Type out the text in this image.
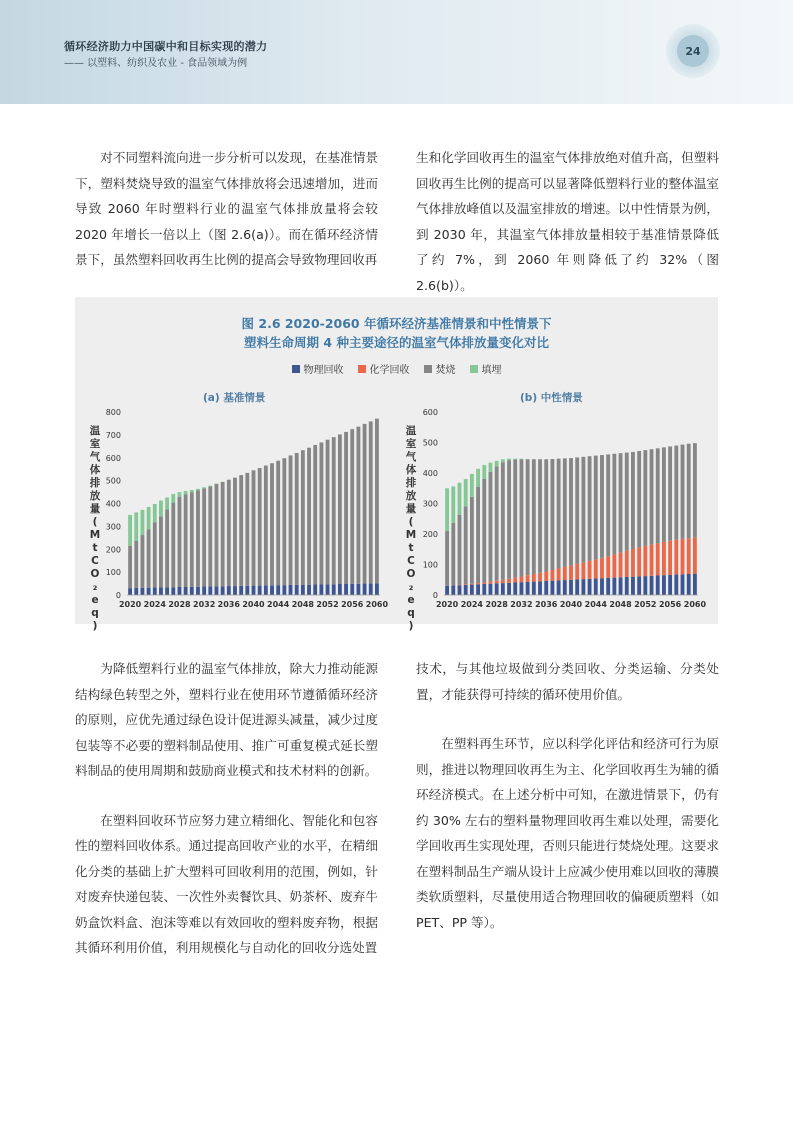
循环经济助力中国碳中和目标实现的潜力
—— 以塑料、纺织及农业 - 食品领域为例
24

对不同塑料流向进一步分析可以发现，在基准情景下，塑料焚烧导致的温室气体排放将会迅速增加，进而导致 2060 年时塑料行业的温室气体排放量将会较 2020 年增长一倍以上（图 2.6(a)）。而在循环经济情景下，虽然塑料回收再生比例的提高会导致物理回收再

生和化学回收再生的温室气体排放绝对值升高，但塑料回收再生比例的提高可以显著降低塑料行业的整体温室气体排放峰值以及温室排放的增速。以中性情景为例，到 2030 年，其温室气体排放量相较于基准情景降低了约 7%，到 2060 年则降低了约 32%（图 2.6(b)）。

图 2.6 2020-2060 年循环经济基准情景和中性情景下
塑料生命周期 4 种主要途径的温室气体排放量变化对比
物理回收	化学回收	焚烧	填埋
(a) 基准情景	(b) 中性情景
温
室
气
体
排
放
量
(
M
t
C
O
₂
e
q
)
温
室
气
体
排
放
量
(
M
t
C
O
₂
e
q
)
0
100
200
300
400
500
600
700
800
2020 2024 2028 2032 2036 2040 2044 2048 2052 2056 2060
0
100
200
300
400
500
600
2020 2024 2028 2032 2036 2040 2044 2048 2052 2056 2060

为降低塑料行业的温室气体排放，除大力推动能源结构绿色转型之外，塑料行业在使用环节遵循循环经济的原则，应优先通过绿色设计促进源头减量，减少过度包装等不必要的塑料制品使用、推广可重复模式延长塑料制品的使用周期和鼓励商业模式和技术材料的创新。

在塑料回收环节应努力建立精细化、智能化和包容性的塑料回收体系。通过提高回收产业的水平，在精细化分类的基础上扩大塑料可回收利用的范围，例如，针对废弃快递包装、一次性外卖餐饮具、奶茶杯、废弃牛奶盒饮料盒、泡沫等难以有效回收的塑料废弃物，根据其循环利用价值，利用规模化与自动化的回收分选处置

技术，与其他垃圾做到分类回收、分类运输、分类处置，才能获得可持续的循环使用价值。

在塑料再生环节，应以科学化评估和经济可行为原则，推进以物理回收再生为主、化学回收再生为辅的循环经济模式。在上述分析中可知，在激进情景下，仍有约 30% 左右的塑料量物理回收再生难以处理，需要化学回收再生实现处理，否则只能进行焚烧处理。这要求在塑料制品生产端从设计上应减少使用难以回收的薄膜类软质塑料，尽量使用适合物理回收的偏硬质塑料（如 PET、PP 等）。
